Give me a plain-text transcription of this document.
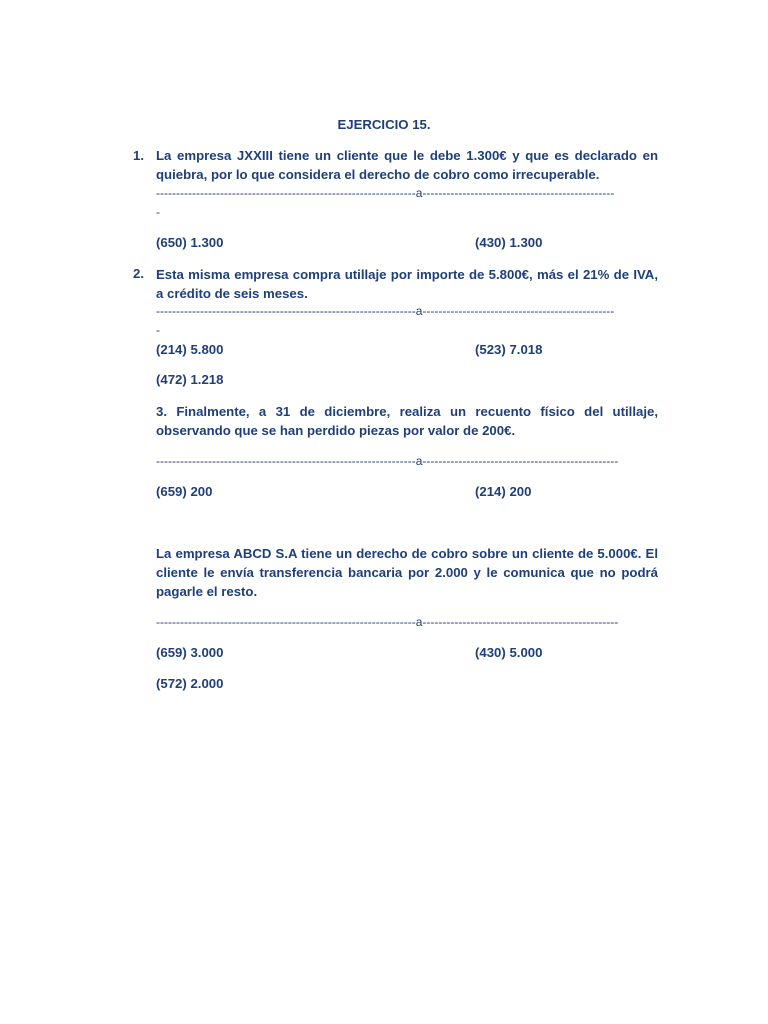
EJERCICIO 15.
1. La empresa JXXIII tiene un cliente que le debe 1.300€ y que es declarado en quiebra, por lo que considera el derecho de cobro como irrecuperable.
-----------------------------------------------------------------a------------------------------------------------
-
(650) 1.300	(430) 1.300
2. Esta misma empresa compra utillaje por importe de 5.800€, más el 21% de IVA, a crédito de seis meses.
-----------------------------------------------------------------a------------------------------------------------
-
(214) 5.800	(523) 7.018
(472) 1.218
3. Finalmente, a 31 de diciembre, realiza un recuento físico del utillaje, observando que se han perdido piezas por valor de 200€.
-----------------------------------------------------------------a-------------------------------------------------
(659) 200	(214) 200
La empresa ABCD S.A tiene un derecho de cobro sobre un cliente de 5.000€. El cliente le envía transferencia bancaria por 2.000 y le comunica que no podrá pagarle el resto.
-----------------------------------------------------------------a-------------------------------------------------
(659) 3.000	(430) 5.000
(572) 2.000
